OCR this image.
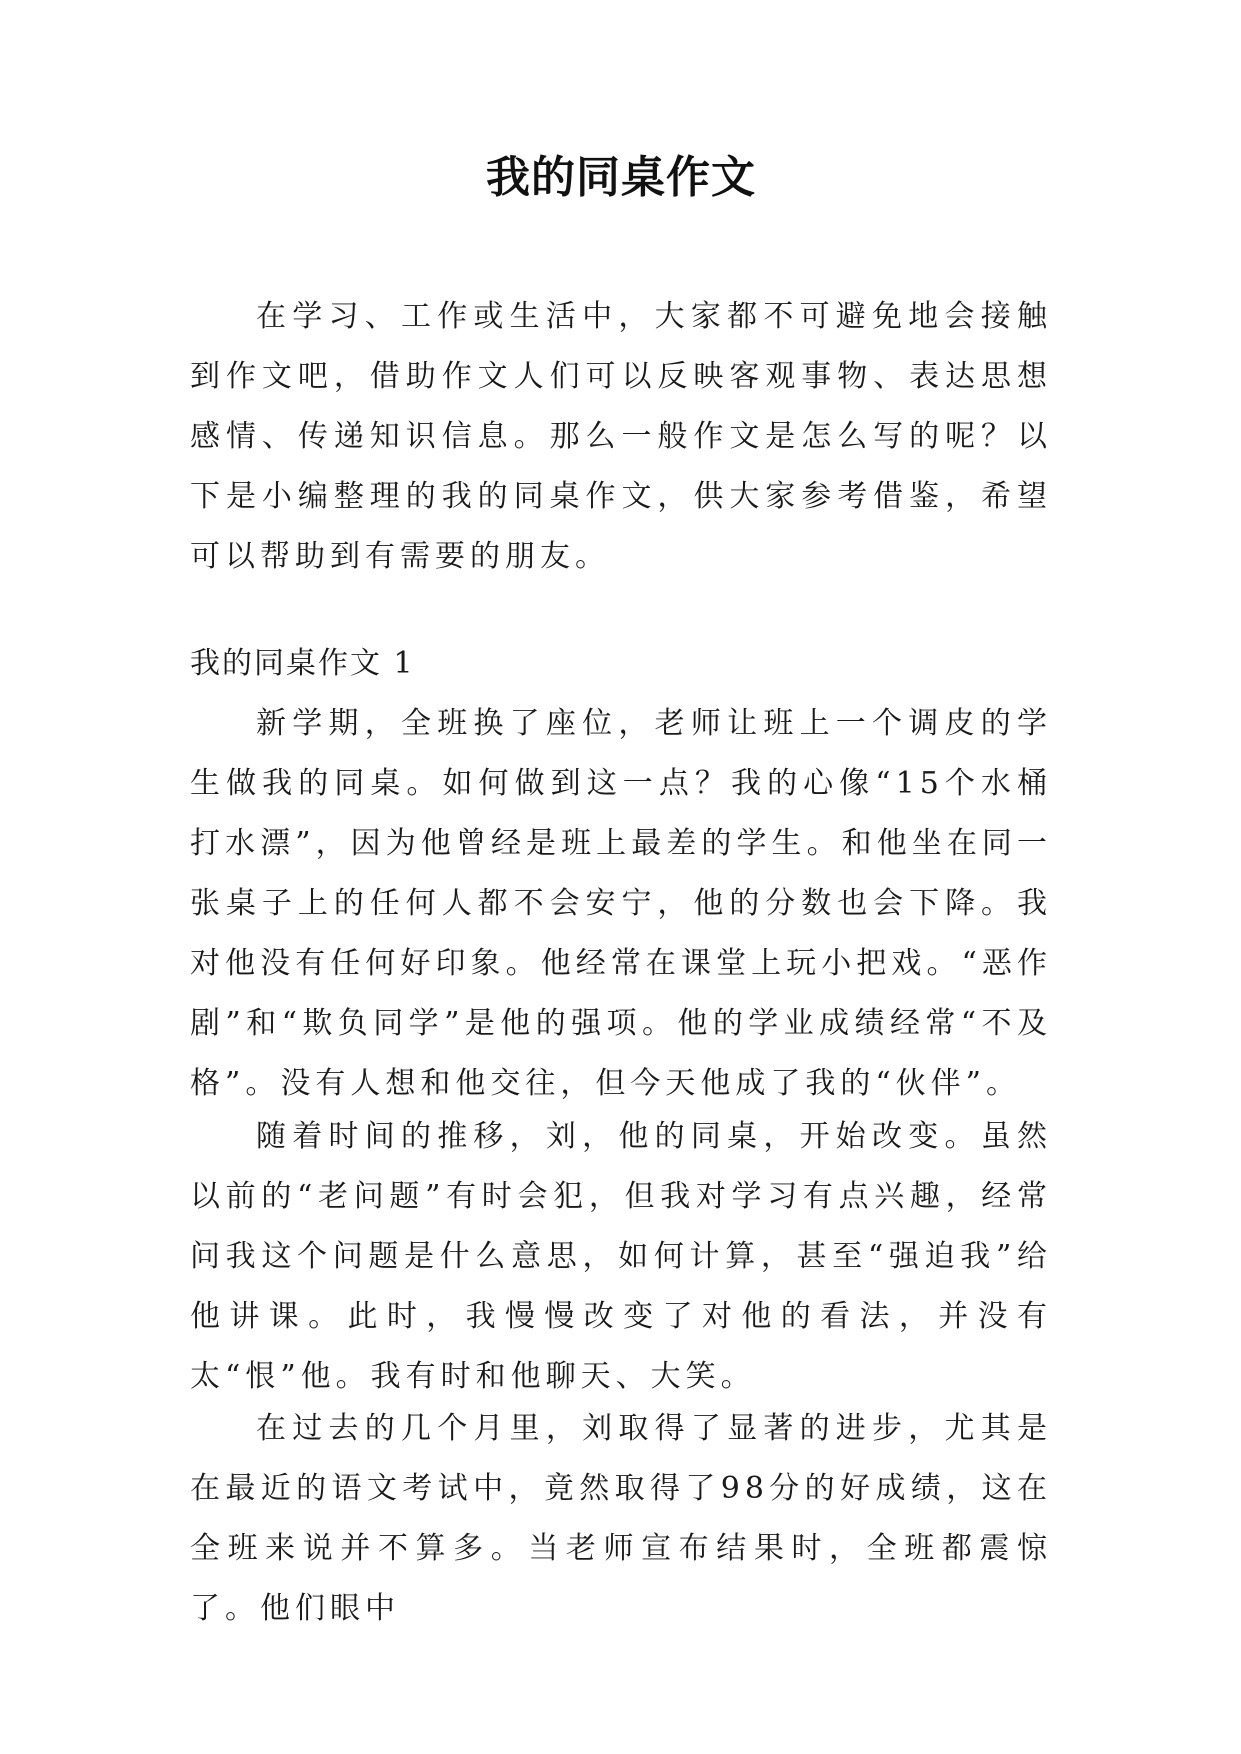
我的同桌作文

在学习、工作或生活中，大家都不可避免地会接触到作文吧，借助作文人们可以反映客观事物、表达思想感情、传递知识信息。那么一般作文是怎么写的呢？以下是小编整理的我的同桌作文，供大家参考借鉴，希望可以帮助到有需要的朋友。

我的同桌作文 1

新学期，全班换了座位，老师让班上一个调皮的学生做我的同桌。如何做到这一点？我的心像“15个水桶打水漂”，因为他曾经是班上最差的学生。和他坐在同一张桌子上的任何人都不会安宁，他的分数也会下降。我对他没有任何好印象。他经常在课堂上玩小把戏。“恶作剧”和“欺负同学”是他的强项。他的学业成绩经常“不及格”。没有人想和他交往，但今天他成了我的“伙伴”。

随着时间的推移，刘，他的同桌，开始改变。虽然以前的“老问题”有时会犯，但我对学习有点兴趣，经常问我这个问题是什么意思，如何计算，甚至“强迫我”给他讲课。此时，我慢慢改变了对他的看法，并没有太“恨”他。我有时和他聊天、大笑。

在过去的几个月里，刘取得了显著的进步，尤其是在最近的语文考试中，竟然取得了98分的好成绩，这在全班来说并不算多。当老师宣布结果时，全班都震惊了。他们眼中
